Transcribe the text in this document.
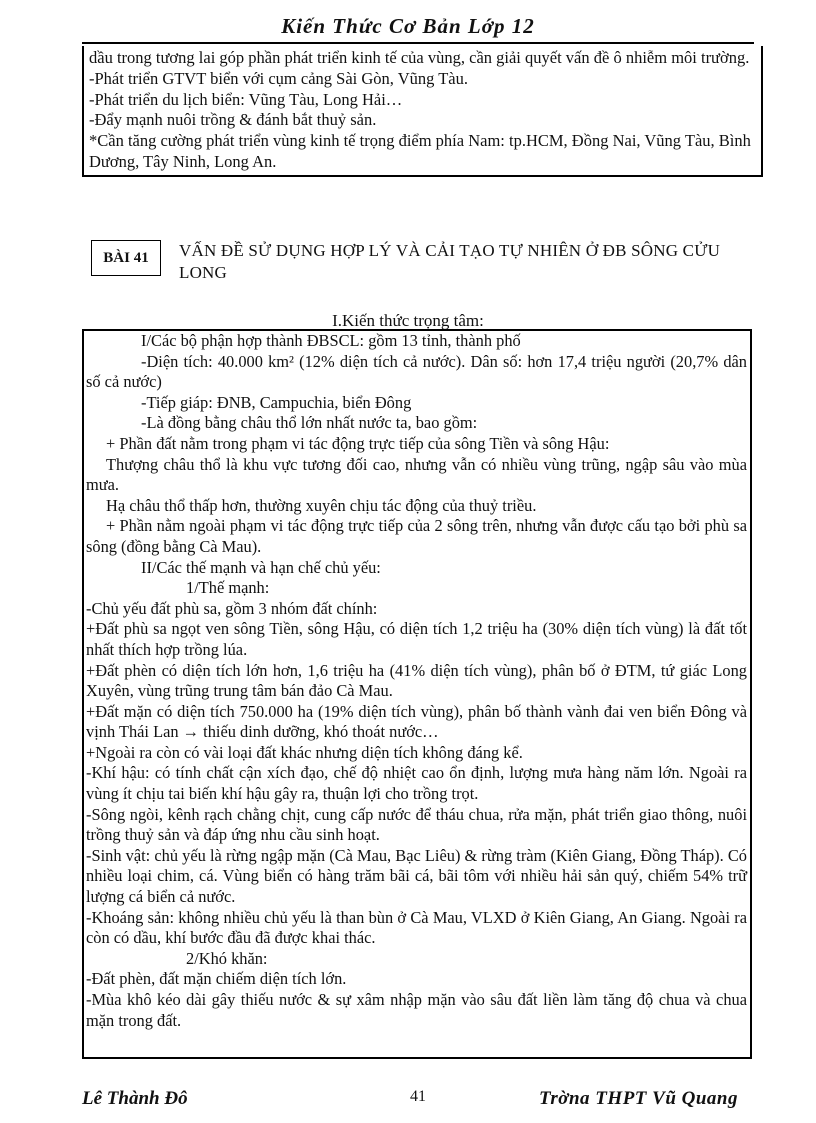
Kiến Thức Cơ Bản Lớp 12

dầu trong tương lai góp phần phát triển kinh tế của vùng, cần giải quyết vấn đề ô nhiễm môi trường.

-Phát triển GTVT biển với cụm cảng Sài Gòn, Vũng Tàu.

-Phát triển du lịch biển: Vũng Tàu, Long Hải…

-Đẩy mạnh nuôi trồng & đánh bắt thuỷ sản.

*Cần tăng cường phát triển vùng kinh tế trọng điểm phía Nam: tp.HCM, Đồng Nai, Vũng Tàu, Bình Dương, Tây Ninh, Long An.

BÀI 41	VẤN ĐỀ SỬ DỤNG HỢP LÝ VÀ CẢI TẠO TỰ NHIÊN Ở ĐB SÔNG CỬU LONG
I.Kiến thức trọng tâm:

I/Các bộ phận hợp thành ĐBSCL: gồm 13 tỉnh, thành phố

-Diện tích: 40.000 km² (12% diện tích cả nước). Dân số: hơn 17,4 triệu người (20,7% dân số cả nước)

-Tiếp giáp: ĐNB, Campuchia, biển Đông

-Là đồng bằng châu thổ lớn nhất nước ta, bao gồm:

+ Phần đất nằm trong phạm vi tác động trực tiếp của sông Tiền và sông Hậu:

Thượng châu thổ là khu vực tương đối cao, nhưng vẫn có nhiều vùng trũng, ngập sâu vào mùa mưa.

Hạ châu thổ thấp hơn, thường xuyên chịu tác động của thuỷ triều.

+ Phần nằm ngoài phạm vi tác động trực tiếp của 2 sông trên, nhưng vẫn được cấu tạo bởi phù sa sông (đồng bằng Cà Mau).

II/Các thế mạnh và hạn chế chủ yếu:

1/Thế mạnh:

-Chủ yếu đất phù sa, gồm 3 nhóm đất chính:

+Đất phù sa ngọt ven sông Tiền, sông Hậu, có diện tích 1,2 triệu ha (30% diện tích vùng) là đất tốt nhất thích hợp trồng lúa.

+Đất phèn có diện tích lớn hơn, 1,6 triệu ha (41% diện tích vùng), phân bố ở ĐTM, tứ giác Long Xuyên, vùng trũng trung tâm bán đảo Cà Mau.

+Đất mặn có diện tích 750.000 ha (19% diện tích vùng), phân bố thành vành đai ven biển Đông và vịnh Thái Lan → thiếu dinh dưỡng, khó thoát nước…

+Ngoài ra còn có vài loại đất khác nhưng diện tích không đáng kể.

-Khí hậu: có tính chất cận xích đạo, chế độ nhiệt cao ổn định, lượng mưa hàng năm lớn. Ngoài ra vùng ít chịu tai biến khí hậu gây ra, thuận lợi cho trồng trọt.

-Sông ngòi, kênh rạch chằng chịt, cung cấp nước để tháu chua, rửa mặn, phát triển giao thông, nuôi trồng thuỷ sản và đáp ứng nhu cầu sinh hoạt.

-Sinh vật: chủ yếu là rừng ngập mặn (Cà Mau, Bạc Liêu) & rừng tràm (Kiên Giang, Đồng Tháp). Có nhiều loại chim, cá. Vùng biển có hàng trăm bãi cá, bãi tôm với nhiều hải sản quý, chiếm 54% trữ lượng cá biển cả nước.

-Khoáng sản: không nhiều chủ yếu là than bùn ở Cà Mau, VLXD ở Kiên Giang, An Giang. Ngoài ra còn có dầu, khí bước đầu đã được khai thác.

2/Khó khăn:

-Đất phèn, đất mặn chiếm diện tích lớn.

-Mùa khô kéo dài gây thiếu nước & sự xâm nhập mặn vào sâu đất liền làm tăng độ chua và chua mặn trong đất.

Lê Thành Đô	41	Trờna THPT Vũ Quang
